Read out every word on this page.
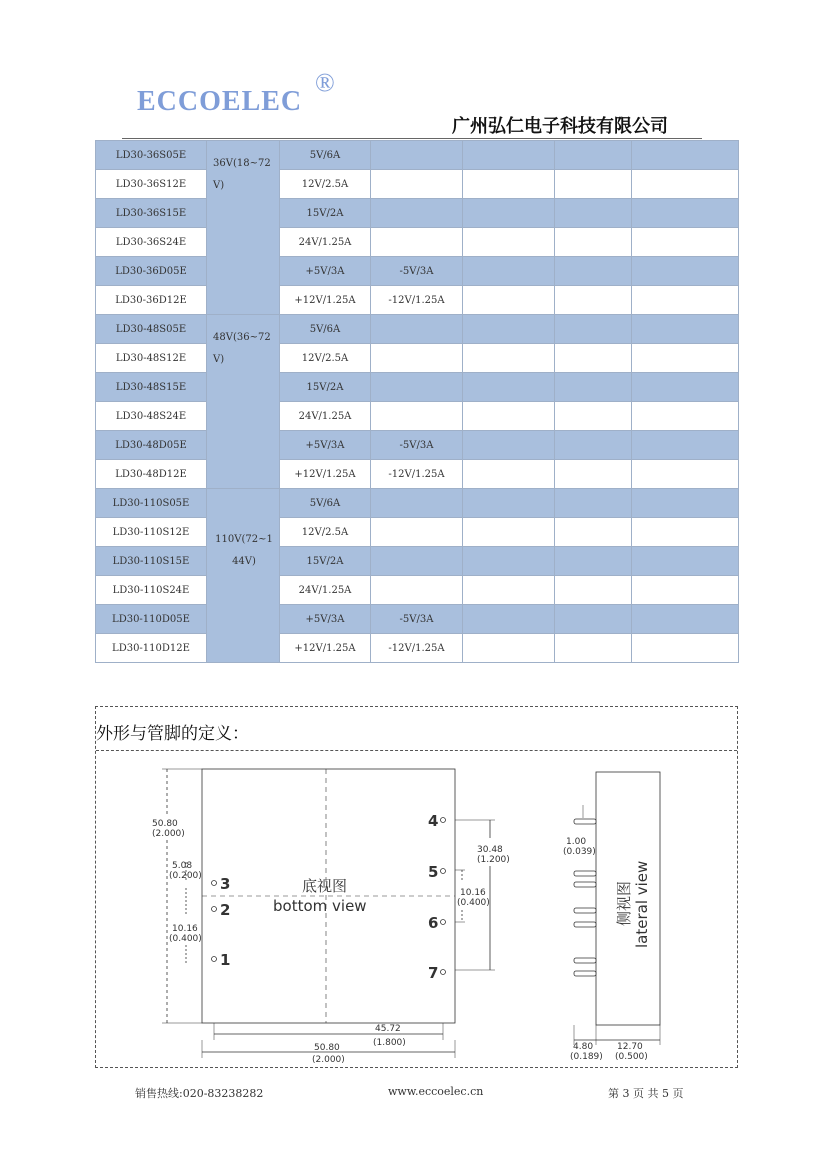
ECCOELEC
®
广州弘仁电子科技有限公司
LD30-36S05E	36V(18~72V)	5V/6A				
LD30-36S12E		12V/2.5A				
LD30-36S15E		15V/2A				
LD30-36S24E		24V/1.25A				
LD30-36D05E		+5V/3A	-5V/3A			
LD30-36D12E		+12V/1.25A	-12V/1.25A			
LD30-48S05E	48V(36~72V)	5V/6A				
LD30-48S12E		12V/2.5A				
LD30-48S15E		15V/2A				
LD30-48S24E		24V/1.25A				
LD30-48D05E		+5V/3A	-5V/3A			
LD30-48D12E		+12V/1.25A	-12V/1.25A			
LD30-110S05E	110V(72~144V)	5V/6A				
LD30-110S12E		12V/2.5A				
LD30-110S15E		15V/2A				
LD30-110S24E		24V/1.25A				
LD30-110D05E		+5V/3A	-5V/3A			
LD30-110D12E		+12V/1.25A	-12V/1.25A			
外形与管脚的定义：
3
2
1
4
5
6
7
底视图
bottom view	侧视图 lateral view
50.80
(2.000)
5.08
(0.200)
10.16
(0.400)
30.48
(1.200)
10.16
(0.400)
45.72
(1.800)
50.80
(2.000)
1.00
(0.039)
4.80
(0.189)
12.70
(0.500)
销售热线:020-83238282	www.eccoelec.cn	第 3 页 共 5 页
